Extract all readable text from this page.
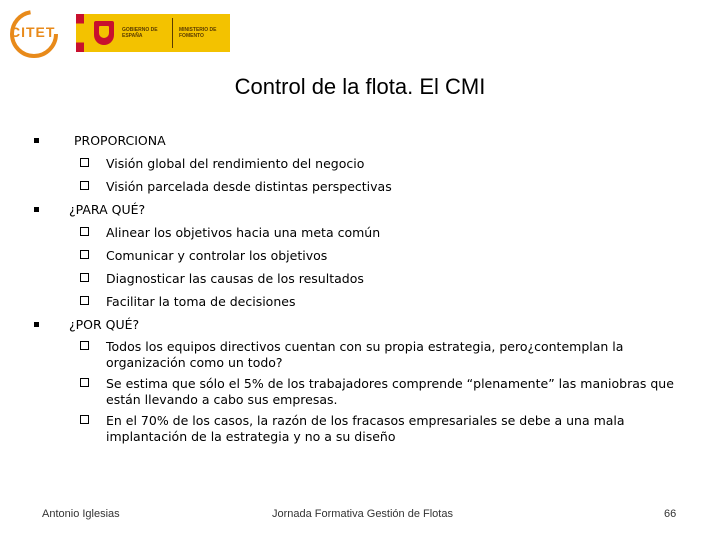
CITET	GOBIERNO DE ESPAÑA
MINISTERIO DE FOMENTO
Control de la flota. El CMI
PROPORCIONA
Visión global del rendimiento del negocio
Visión parcelada desde distintas perspectivas
¿PARA QUÉ?
Alinear los objetivos hacia una meta común
Comunicar y controlar los objetivos
Diagnosticar las causas de los resultados
Facilitar la toma de decisiones
¿POR QUÉ?
Todos los equipos directivos cuentan con su propia estrategia, pero¿contemplan la organización como un todo?
Se estima que sólo el 5% de los trabajadores comprende “plenamente” las maniobras que están llevando a cabo sus empresas.
En el 70% de los casos, la razón de los fracasos empresariales se debe a una mala implantación de la estrategia y no a su diseño
Antonio Iglesias	Jornada Formativa Gestión de Flotas	66
